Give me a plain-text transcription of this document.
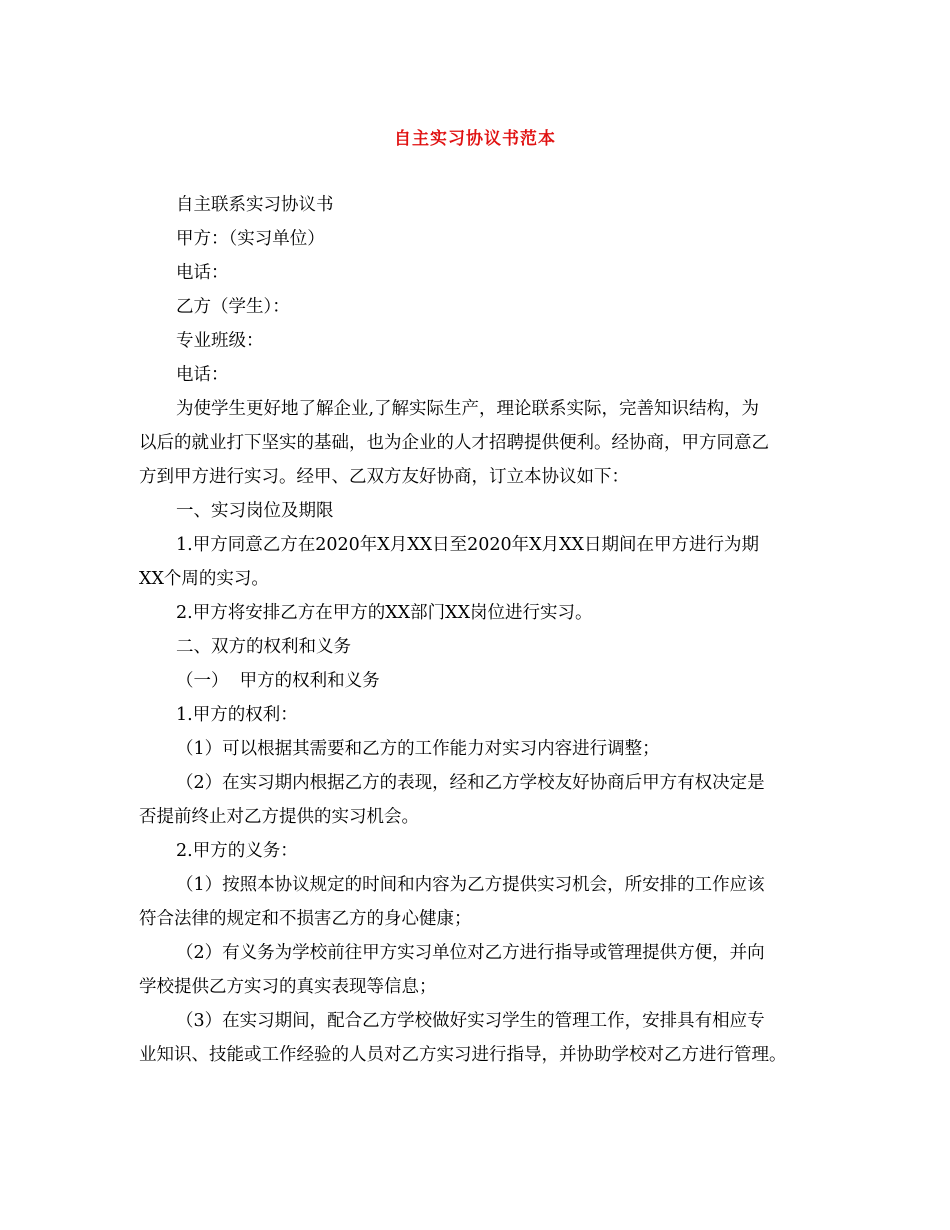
自主实习协议书范本
自主联系实习协议书
甲方：（实习单位）
电话：
乙方（学生）：
专业班级：
电话：
为使学生更好地了解企业,了解实际生产，理论联系实际，完善知识结构，为
以后的就业打下坚实的基础，也为企业的人才招聘提供便利。经协商，甲方同意乙
方到甲方进行实习。经甲、乙双方友好协商，订立本协议如下：
一、实习岗位及期限
1.甲方同意乙方在2020年X月XX日至2020年X月XX日期间在甲方进行为期
XX个周的实习。
2.甲方将安排乙方在甲方的XX部门XX岗位进行实习。
二、双方的权利和义务
（一）  甲方的权利和义务
1.甲方的权利：
（1）可以根据其需要和乙方的工作能力对实习内容进行调整；
（2）在实习期内根据乙方的表现，经和乙方学校友好协商后甲方有权决定是
否提前终止对乙方提供的实习机会。
2.甲方的义务：
（1）按照本协议规定的时间和内容为乙方提供实习机会，所安排的工作应该
符合法律的规定和不损害乙方的身心健康；
（2）有义务为学校前往甲方实习单位对乙方进行指导或管理提供方便，并向
学校提供乙方实习的真实表现等信息；
（3）在实习期间，配合乙方学校做好实习学生的管理工作，安排具有相应专
业知识、技能或工作经验的人员对乙方实习进行指导，并协助学校对乙方进行管理。
